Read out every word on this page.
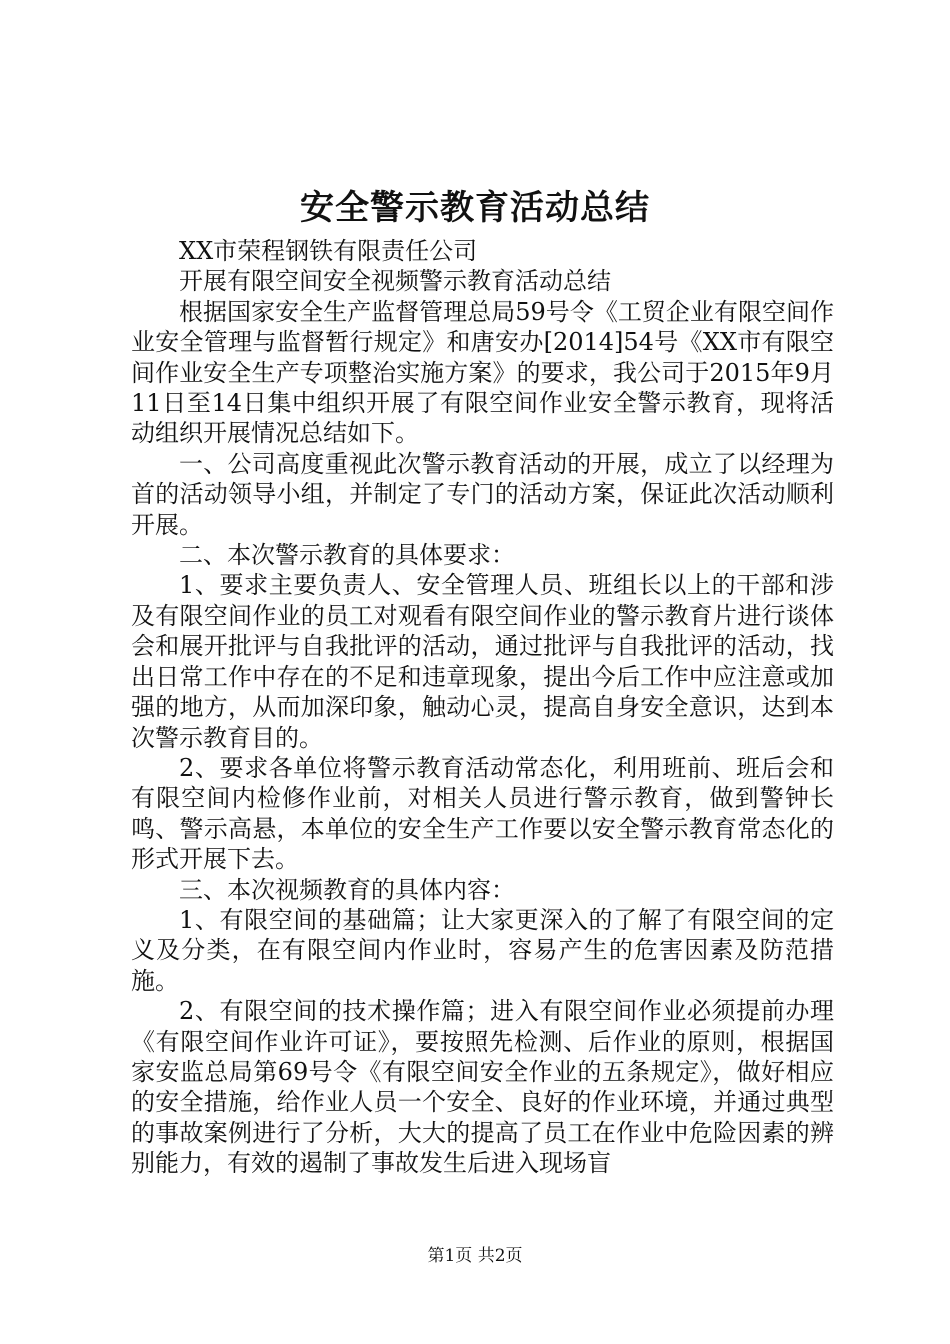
安全警示教育活动总结

XX市荣程钢铁有限责任公司

开展有限空间安全视频警示教育活动总结

根据国家安全生产监督管理总局59号令《工贸企业有限空间作业安全管理与监督暂行规定》和唐安办[2014]54号《XX市有限空间作业安全生产专项整治实施方案》的要求，我公司于2015年9月11日至14日集中组织开展了有限空间作业安全警示教育，现将活动组织开展情况总结如下。

一、公司高度重视此次警示教育活动的开展，成立了以经理为首的活动领导小组，并制定了专门的活动方案，保证此次活动顺利开展。

二、本次警示教育的具体要求：

1、要求主要负责人、安全管理人员、班组长以上的干部和涉及有限空间作业的员工对观看有限空间作业的警示教育片进行谈体会和展开批评与自我批评的活动，通过批评与自我批评的活动，找出日常工作中存在的不足和违章现象，提出今后工作中应注意或加强的地方，从而加深印象，触动心灵，提高自身安全意识，达到本次警示教育目的。

2、要求各单位将警示教育活动常态化，利用班前、班后会和有限空间内检修作业前，对相关人员进行警示教育，做到警钟长鸣、警示高悬，本单位的安全生产工作要以安全警示教育常态化的形式开展下去。

三、本次视频教育的具体内容：

1、有限空间的基础篇；让大家更深入的了解了有限空间的定义及分类，在有限空间内作业时，容易产生的危害因素及防范措施。

2、有限空间的技术操作篇；进入有限空间作业必须提前办理《有限空间作业许可证》，要按照先检测、后作业的原则，根据国家安监总局第69号令《有限空间安全作业的五条规定》，做好相应的安全措施，给作业人员一个安全、良好的作业环境，并通过典型的事故案例进行了分析，大大的提高了员工在作业中危险因素的辨别能力，有效的遏制了事故发生后进入现场盲

第1页 共2页
